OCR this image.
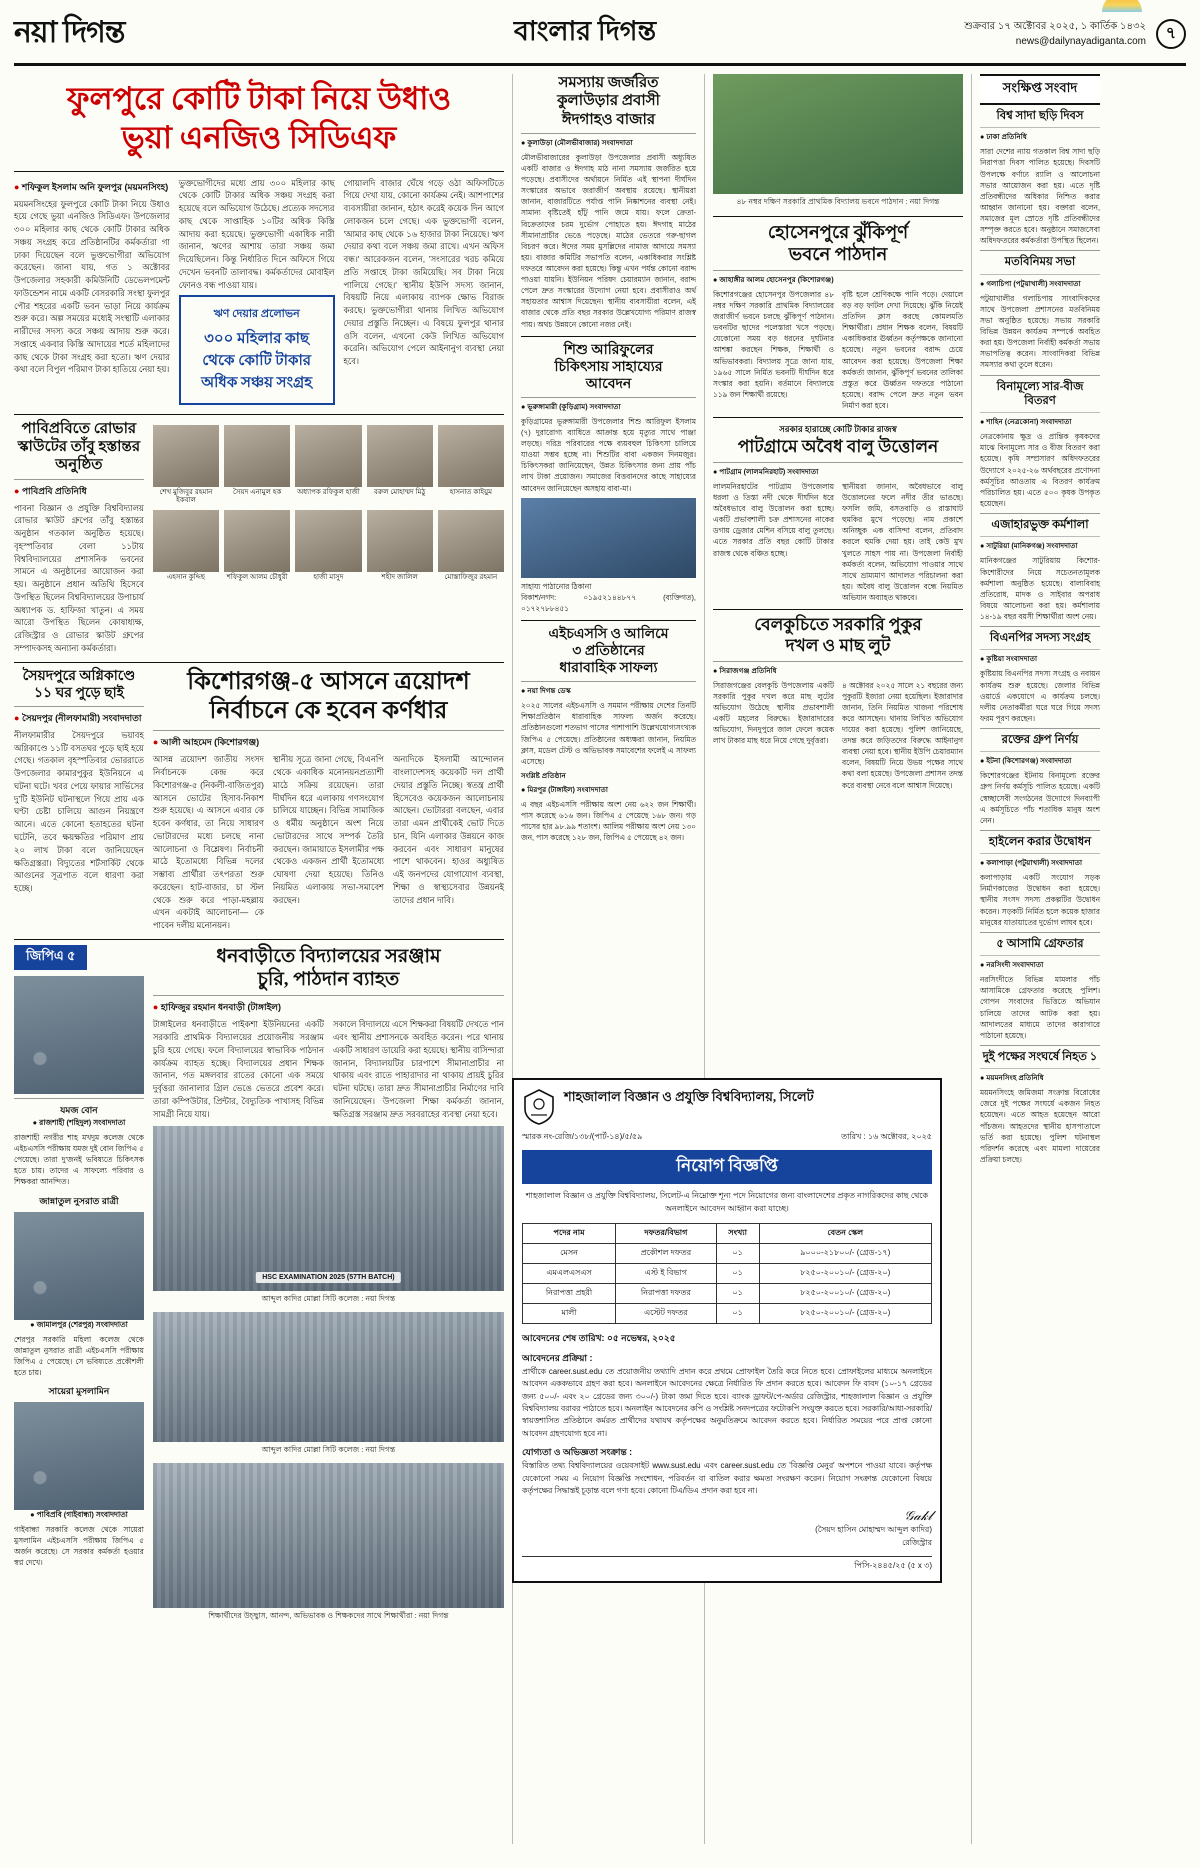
নয়া দিগন্ত	বাংলার দিগন্ত	শুক্রবার ১৭ অক্টোবর ২০২৫, ১ কার্তিক ১৪৩২
news@dailynayadiganta.com	৭
ফুলপুরে কোটি টাকা নিয়ে উধাও
ভুয়া এনজিও সিডিএফ
● শফিকুল ইসলাম অনি ফুলপুর (ময়মনসিংহ)
ময়মনসিংহের ফুলপুরে কোটি টাকা নিয়ে উধাও হয়ে গেছে ভুয়া এনজিও সিডিএফ। উপজেলার ৩০০ মহিলার কাছ থেকে কোটি টাকার অধিক সঞ্চয় সংগ্রহ করে প্রতিষ্ঠানটির কর্মকর্তারা গা ঢাকা দিয়েছেন বলে ভুক্তভোগীরা অভিযোগ করেছেন। জানা যায়, গত ১ অক্টোবর উপজেলার সহকারী কমিউনিটি ডেভেলপমেন্ট ফাউন্ডেশন নামে একটি বেসরকারি সংস্থা ফুলপুর পৌর শহরের একটি ভবন ভাড়া নিয়ে কার্যক্রম শুরু করে। অল্প সময়ের মধ্যেই সংস্থাটি এলাকার নারীদের সদস্য করে সঞ্চয় আদায় শুরু করে। সপ্তাহে একবার কিস্তি আদায়ের শর্তে মহিলাদের কাছ থেকে টাকা সংগ্রহ করা হতো। ঋণ দেয়ার কথা বলে বিপুল পরিমাণ টাকা হাতিয়ে নেয়া হয়।
ভুক্তভোগীদের মধ্যে প্রায় ৩০০ মহিলার কাছ থেকে কোটি টাকার অধিক সঞ্চয় সংগ্রহ করা হয়েছে বলে অভিযোগ উঠেছে। প্রত্যেক সদস্যের কাছ থেকে সাপ্তাহিক ১০টির অধিক কিস্তি আদায় করা হয়েছে। ভুক্তভোগী একাধিক নারী জানান, ঋণের আশায় তারা সঞ্চয় জমা দিয়েছিলেন। কিন্তু নির্ধারিত দিনে অফিসে গিয়ে দেখেন ভবনটি তালাবদ্ধ। কর্মকর্তাদের মোবাইল ফোনও বন্ধ পাওয়া যায়।
ঋণ দেয়ার প্রলোভন
৩০০ মহিলার কাছ থেকে কোটি টাকার অধিক সঞ্চয় সংগ্রহ
গোয়ালদি বাজার ঘেঁষে গড়ে ওঠা অফিসটিতে গিয়ে দেখা যায়, কোনো কার্যক্রম নেই। আশপাশের ব্যবসায়ীরা জানান, হঠাৎ করেই কয়েক দিন আগে লোকজন চলে গেছে। এক ভুক্তভোগী বলেন, 'আমার কাছ থেকে ১৬ হাজার টাকা নিয়েছে। ঋণ দেয়ার কথা বলে সঞ্চয় জমা রাখে। এখন অফিস বন্ধ।' আরেকজন বলেন, 'সংসারের খরচ কমিয়ে প্রতি সপ্তাহে টাকা জমিয়েছি। সব টাকা নিয়ে পালিয়ে গেছে।' স্থানীয় ইউপি সদস্য জানান, বিষয়টি নিয়ে এলাকায় ব্যাপক ক্ষোভ বিরাজ করছে। ভুক্তভোগীরা থানায় লিখিত অভিযোগ দেয়ার প্রস্তুতি নিচ্ছেন। এ বিষয়ে ফুলপুর থানার ওসি বলেন, এখনো কেউ লিখিত অভিযোগ করেনি। অভিযোগ পেলে আইনানুগ ব্যবস্থা নেয়া হবে।
পাবিপ্রবিতে রোভার স্কাউটের তাঁবু হস্তান্তর অনুষ্ঠিত
● পাবিপ্রবি প্রতিনিধি
পাবনা বিজ্ঞান ও প্রযুক্তি বিশ্ববিদ্যালয় রোভার স্কাউট গ্রুপের তাঁবু হস্তান্তর অনুষ্ঠান গতকাল অনুষ্ঠিত হয়েছে। বৃহস্পতিবার বেলা ১১টায় বিশ্ববিদ্যালয়ের প্রশাসনিক ভবনের সামনে এ অনুষ্ঠানের আয়োজন করা হয়। অনুষ্ঠানে প্রধান অতিথি হিসেবে উপস্থিত ছিলেন বিশ্ববিদ্যালয়ের উপাচার্য অধ্যাপক ড. হাফিজা খাতুন। এ সময় আরো উপস্থিত ছিলেন কোষাধ্যক্ষ, রেজিস্ট্রার ও রোভার স্কাউট গ্রুপের সম্পাদকসহ অন্যান্য কর্মকর্তারা।
শেখ মুজিবুর রহমান ইকবাল
সৈয়দ এনামুল হক	অধ্যাপক রফিকুল হাজী	বরুল মোহাম্মদ মিঠু	হাসনাত কাইয়ুম
এহসান কুদ্দিছ	শফিকুল আলম চৌধুরী	হাজী মাসুদ	শহীদ জালিল	মোস্তাফিজুর রহমান
সৈয়দপুরে অগ্নিকাণ্ডে ১১ ঘর পুড়ে ছাই
● সৈয়দপুর (নীলফামারী) সংবাদদাতা
নীলফামারীর সৈয়দপুরে ভয়াবহ অগ্নিকাণ্ডে ১১টি বসতঘর পুড়ে ছাই হয়ে গেছে। গতকাল বৃহস্পতিবার ভোররাতে উপজেলার কামারপুকুর ইউনিয়নে এ ঘটনা ঘটে। খবর পেয়ে ফায়ার সার্ভিসের দু’টি ইউনিট ঘটনাস্থলে গিয়ে প্রায় এক ঘণ্টা চেষ্টা চালিয়ে আগুন নিয়ন্ত্রণে আনে। এতে কোনো হতাহতের ঘটনা ঘটেনি, তবে ক্ষয়ক্ষতির পরিমাণ প্রায় ২০ লাখ টাকা বলে জানিয়েছেন ক্ষতিগ্রস্তরা। বিদ্যুতের শর্টসার্কিট থেকে আগুনের সূত্রপাত বলে ধারণা করা হচ্ছে।
কিশোরগঞ্জ-৫ আসনে ত্রয়োদশ
নির্বাচনে কে হবেন কর্ণধার
● আলী আহমেদ (কিশোরগঞ্জ)
আসন্ন ত্রয়োদশ জাতীয় সংসদ নির্বাচনকে কেন্দ্র করে কিশোরগঞ্জ-৫ (নিকলী-বাজিতপুর) আসনে ভোটের হিসাব-নিকাশ শুরু হয়েছে। এ আসনে এবার কে হবেন কর্ণধার, তা নিয়ে সাধারণ ভোটারদের মধ্যে চলছে নানা আলোচনা ও বিশ্লেষণ। নির্বাচনী মাঠে ইতোমধ্যে বিভিন্ন দলের সম্ভাব্য প্রার্থীরা তৎপরতা শুরু করেছেন। হাট-বাজার, চা স্টল থেকে শুরু করে পাড়া-মহল্লায় এখন একটাই আলোচনা— কে পাবেন দলীয় মনোনয়ন।
স্থানীয় সূত্রে জানা গেছে, বিএনপি থেকে একাধিক মনোনয়নপ্রত্যাশী মাঠে সক্রিয় রয়েছেন। তারা দীর্ঘদিন ধরে এলাকায় গণসংযোগ চালিয়ে যাচ্ছেন। বিভিন্ন সামাজিক ও ধর্মীয় অনুষ্ঠানে অংশ নিয়ে ভোটারদের সাথে সম্পর্ক তৈরি করছেন। জামায়াতে ইসলামীর পক্ষ থেকেও একজন প্রার্থী ইতোমধ্যে ঘোষণা দেয়া হয়েছে। তিনিও নিয়মিত এলাকায় সভা-সমাবেশ করছেন।
অন্যদিকে ইসলামী আন্দোলন বাংলাদেশসহ কয়েকটি দল প্রার্থী দেয়ার প্রস্তুতি নিচ্ছে। স্বতন্ত্র প্রার্থী হিসেবেও কয়েকজন আলোচনায় আছেন। ভোটাররা বলছেন, এবার তারা এমন প্রার্থীকেই ভোট দিতে চান, যিনি এলাকার উন্নয়নে কাজ করবেন এবং সাধারণ মানুষের পাশে থাকবেন। হাওর অধ্যুষিত এই জনপদের যোগাযোগ ব্যবস্থা, শিক্ষা ও স্বাস্থ্যসেবার উন্নয়নই তাদের প্রধান দাবি।
জিপিএ ৫
যমজ বোন
● রাজশাহী (শহিদুল) সংবাদদাতা
রাজশাহী নগরীর শাহ মখদুম কলেজ থেকে এইচএসসি পরীক্ষায় যমজ দুই বোন জিপিএ ৫ পেয়েছে। তারা দু’জনই ভবিষ্যতে চিকিৎসক হতে চায়। তাদের এ সাফল্যে পরিবার ও শিক্ষকরা আনন্দিত।
জান্নাতুল নুসরাত রাত্রী
● জামালপুর (শেরপুর) সংবাদদাতা
শেরপুর সরকারি মহিলা কলেজ থেকে জান্নাতুল নুসরাত রাত্রী এইচএসসি পরীক্ষায় জিপিএ ৫ পেয়েছে। সে ভবিষ্যতে প্রকৌশলী হতে চায়।
সায়েরা মুসলামিন
● পাবিপ্রবি (গাইবান্ধা) সংবাদদাতা
গাইবান্ধা সরকারি কলেজ থেকে সায়েরা মুসলামিন এইচএসসি পরীক্ষায় জিপিএ ৫ অর্জন করেছে। সে সরকার কর্মকর্তা হওয়ার স্বপ্ন দেখে।
ধনবাড়ীতে বিদ্যালয়ের সরঞ্জাম
চুরি, পাঠদান ব্যাহত
● হাফিজুর রহমান ধনবাড়ী (টাঙ্গাইল)
টাঙ্গাইলের ধনবাড়ীতে পাইকশা ইউনিয়নের একটি সরকারি প্রাথমিক বিদ্যালয়ের প্রয়োজনীয় সরঞ্জাম চুরি হয়ে গেছে। ফলে বিদ্যালয়ের স্বাভাবিক পাঠদান কার্যক্রম ব্যাহত হচ্ছে। বিদ্যালয়ের প্রধান শিক্ষক জানান, গত মঙ্গলবার রাতের কোনো এক সময়ে দুর্বৃত্তরা জানালার গ্রিল ভেঙে ভেতরে প্রবেশ করে। তারা কম্পিউটার, প্রিন্টার, বৈদ্যুতিক পাখাসহ বিভিন্ন সামগ্রী নিয়ে যায়।
সকালে বিদ্যালয়ে এসে শিক্ষকরা বিষয়টি দেখতে পান এবং স্থানীয় প্রশাসনকে অবহিত করেন। পরে থানায় একটি সাধারণ ডায়েরি করা হয়েছে। স্থানীয় বাসিন্দারা জানান, বিদ্যালয়টির চারপাশে সীমানাপ্রাচীর না থাকায় এবং রাতে পাহারাদার না থাকায় প্রায়ই চুরির ঘটনা ঘটছে। তারা দ্রুত সীমানাপ্রাচীর নির্মাণের দাবি জানিয়েছেন। উপজেলা শিক্ষা কর্মকর্তা জানান, ক্ষতিগ্রস্ত সরঞ্জাম দ্রুত সরবরাহের ব্যবস্থা নেয়া হবে।
HSC EXAMINATION 2025 (57TH BATCH)
আব্দুল কাদির মোল্লা সিটি কলেজ : নয়া দিগন্ত
আব্দুল কাদির মোল্লা সিটি কলেজ : নয়া দিগন্ত
শিক্ষার্থীদের উচ্ছ্বাস, আনন্দ, অভিভাবক ও শিক্ষকদের সাথে শিক্ষার্থীরা : নয়া দিগন্ত
সমস্যায় জর্জরিত
কুলাউড়ার প্রবাসী
ঈদগাহও বাজার
● কুলাউড়া (মৌলভীবাজার) সংবাদদাতা
মৌলভীবাজারের কুলাউড়া উপজেলার প্রবাসী অধ্যুষিত একটি বাজার ও ঈদগাহ মাঠ নানা সমস্যায় জর্জরিত হয়ে পড়েছে। প্রবাসীদের অর্থায়নে নির্মিত এই স্থাপনা দীর্ঘদিন সংস্কারের অভাবে জরাজীর্ণ অবস্থায় রয়েছে। স্থানীয়রা জানান, বাজারটিতে পর্যাপ্ত পানি নিষ্কাশনের ব্যবস্থা নেই। সামান্য বৃষ্টিতেই হাঁটু পানি জমে যায়। ফলে ক্রেতা-বিক্রেতাদের চরম দুর্ভোগ পোহাতে হয়। ঈদগাহ মাঠের সীমানাপ্রাচীর ভেঙে পড়েছে। মাঠের ভেতরে গরু-ছাগল বিচরণ করে। ঈদের সময় মুসল্লিদের নামাজ আদায়ে সমস্যা হয়। বাজার কমিটির সভাপতি বলেন, একাধিকবার সংশ্লিষ্ট দফতরে আবেদন করা হয়েছে। কিন্তু এখন পর্যন্ত কোনো বরাদ্দ পাওয়া যায়নি। ইউনিয়ন পরিষদ চেয়ারম্যান জানান, বরাদ্দ পেলে দ্রুত সংস্কারের উদ্যোগ নেয়া হবে। প্রবাসীরাও অর্থ সহায়তার আশ্বাস দিয়েছেন। স্থানীয় ব্যবসায়ীরা বলেন, এই বাজার থেকে প্রতি বছর সরকার উল্লেখযোগ্য পরিমাণ রাজস্ব পায়। অথচ উন্নয়নে কোনো নজর নেই।
শিশু আরিফুলের
চিকিৎসায় সাহায্যের
আবেদন
● ভূরুঙ্গামারী (কুড়িগ্রাম) সংবাদদাতা
কুড়িগ্রামের ভূরুঙ্গামারী উপজেলার শিশু আরিফুল ইসলাম (৭) দুরারোগ্য ব্যাধিতে আক্রান্ত হয়ে মৃত্যুর সাথে পাঞ্জা লড়ছে। দরিদ্র পরিবারের পক্ষে ব্যয়বহুল চিকিৎসা চালিয়ে যাওয়া সম্ভব হচ্ছে না। শিশুটির বাবা একজন দিনমজুর। চিকিৎসকরা জানিয়েছেন, উন্নত চিকিৎসার জন্য প্রায় পাঁচ লাখ টাকা প্রয়োজন। সমাজের বিত্তবানদের কাছে সাহায্যের আবেদন জানিয়েছেন অসহায় বাবা-মা।
সাহায্য পাঠানোর ঠিকানা
বিকাশ/নগদ: ০১৯৫২১৪৪৮৭৭ (ব্যক্তিগত), ০১৭২৭৮৮৪৫১
এইচএসসি ও আলিমে
৩ প্রতিষ্ঠানের
ধারাবাহিক সাফল্য
● নয়া দিগন্ত ডেস্ক
২০২৫ সালের এইচএসসি ও সমমান পরীক্ষায় দেশের তিনটি শিক্ষাপ্রতিষ্ঠান ধারাবাহিক সাফল্য অর্জন করেছে। প্রতিষ্ঠানগুলো শতভাগ পাসের পাশাপাশি উল্লেখযোগ্যসংখ্যক জিপিএ ৫ পেয়েছে। প্রতিষ্ঠানের অধ্যক্ষরা জানান, নিয়মিত ক্লাস, মডেল টেস্ট ও অভিভাবক সমাবেশের ফলেই এ সাফল্য এসেছে।
সংশ্লিষ্ট প্রতিষ্ঠান
● মিরপুর (টাঙ্গাইল) সংবাদদাতা
এ বছর এইচএসসি পরীক্ষায় অংশ নেয় ৬২২ জন শিক্ষার্থী। পাস করেছে ৬১৬ জন। জিপিএ ৫ পেয়েছে ১৬৮ জন। গড় পাসের হার ৯৮.৯৯ শতাংশ। আলিম পরীক্ষায় অংশ নেয় ১৩০ জন, পাস করেছে ১২৮ জন, জিপিএ ৫ পেয়েছে ৪২ জন।
৪৮ নম্বর দক্ষিণ সরকারি প্রাথমিক বিদ্যালয় ভবনে পাঠদান : নয়া দিগন্ত
হোসেনপুরে ঝুঁকিপূর্ণ
ভবনে পাঠদান
● জাহাঙ্গীর আলম হোসেনপুর (কিশোরগঞ্জ)
কিশোরগঞ্জের হোসেনপুর উপজেলার ৪৮ নম্বর দক্ষিণ সরকারি প্রাথমিক বিদ্যালয়ের জরাজীর্ণ ভবনে চলছে ঝুঁকিপূর্ণ পাঠদান। ভবনটির ছাদের পলেস্তারা খসে পড়ছে। যেকোনো সময় বড় ধরনের দুর্ঘটনার আশঙ্কা করছেন শিক্ষক, শিক্ষার্থী ও অভিভাবকরা। বিদ্যালয় সূত্রে জানা যায়, ১৯৬৫ সালে নির্মিত ভবনটি দীর্ঘদিন ধরে সংস্কার করা হয়নি। বর্তমানে বিদ্যালয়ে ১১৯ জন শিক্ষার্থী রয়েছে।
বৃষ্টি হলে শ্রেণিকক্ষে পানি পড়ে। দেয়ালে বড় বড় ফাটল দেখা দিয়েছে। ঝুঁকি নিয়েই প্রতিদিন ক্লাস করছে কোমলমতি শিক্ষার্থীরা। প্রধান শিক্ষক বলেন, বিষয়টি একাধিকবার ঊর্ধ্বতন কর্তৃপক্ষকে জানানো হয়েছে। নতুন ভবনের বরাদ্দ চেয়ে আবেদন করা হয়েছে। উপজেলা শিক্ষা কর্মকর্তা জানান, ঝুঁকিপূর্ণ ভবনের তালিকা প্রস্তুত করে ঊর্ধ্বতন দফতরে পাঠানো হয়েছে। বরাদ্দ পেলে দ্রুত নতুন ভবন নির্মাণ করা হবে।
সরকার হারাচ্ছে কোটি টাকার রাজস্ব
পাটগ্রামে অবৈধ বালু উত্তোলন
● পাটগ্রাম (লালমনিরহাট) সংবাদদাতা
লালমনিরহাটের পাটগ্রাম উপজেলায় ধরলা ও তিস্তা নদী থেকে দীর্ঘদিন ধরে অবৈধভাবে বালু উত্তোলন করা হচ্ছে। একটি প্রভাবশালী চক্র প্রশাসনের নাকের ডগায় ড্রেজার মেশিন বসিয়ে বালু তুলছে। এতে সরকার প্রতি বছর কোটি টাকার রাজস্ব থেকে বঞ্চিত হচ্ছে।
স্থানীয়রা জানান, অবৈধভাবে বালু উত্তোলনের ফলে নদীর তীর ভাঙছে। ফসলি জমি, বসতবাড়ি ও রাস্তাঘাট হুমকির মুখে পড়েছে। নাম প্রকাশে অনিচ্ছুক এক বাসিন্দা বলেন, প্রতিবাদ করলে হুমকি দেয়া হয়। তাই কেউ মুখ খুলতে সাহস পায় না। উপজেলা নির্বাহী কর্মকর্তা বলেন, অভিযোগ পাওয়ার সাথে সাথে ভ্রাম্যমাণ আদালত পরিচালনা করা হয়। অবৈধ বালু উত্তোলন বন্ধে নিয়মিত অভিযান অব্যাহত থাকবে।
বেলকুচিতে সরকারি পুকুর
দখল ও মাছ লুট
● সিরাজগঞ্জ প্রতিনিধি
সিরাজগঞ্জের বেলকুচি উপজেলায় একটি সরকারি পুকুর দখল করে মাছ লুটের অভিযোগ উঠেছে স্থানীয় প্রভাবশালী একটি মহলের বিরুদ্ধে। ইজারাদারের অভিযোগ, দিনদুপুরে জাল ফেলে কয়েক লাখ টাকার মাছ ধরে নিয়ে গেছে দুর্বৃত্তরা।
৪ অক্টোবর ২০২৫ সালে ২১ বছরের জন্য পুকুরটি ইজারা নেয়া হয়েছিল। ইজারাদার জানান, তিনি নিয়মিত খাজনা পরিশোধ করে আসছেন। থানায় লিখিত অভিযোগ দায়ের করা হয়েছে। পুলিশ জানিয়েছে, তদন্ত করে জড়িতদের বিরুদ্ধে আইনানুগ ব্যবস্থা নেয়া হবে। স্থানীয় ইউপি চেয়ারম্যান বলেন, বিষয়টি নিয়ে উভয় পক্ষের সাথে কথা বলা হয়েছে। উপজেলা প্রশাসন তদন্ত করে ব্যবস্থা নেবে বলে আশ্বাস দিয়েছে।
সংক্ষিপ্ত সংবাদ
বিশ্ব সাদা ছড়ি দিবস
● ঢাকা প্রতিনিধি
সারা দেশের ন্যায় গতকাল বিশ্ব সাদা ছড়ি নিরাপত্তা দিবস পালিত হয়েছে। দিবসটি উপলক্ষে বর্ণাঢ্য র‍্যালি ও আলোচনা সভার আয়োজন করা হয়। এতে দৃষ্টি প্রতিবন্ধীদের অধিকার নিশ্চিত করার আহ্বান জানানো হয়। বক্তারা বলেন, সমাজের মূল স্রোতে দৃষ্টি প্রতিবন্ধীদের সম্পৃক্ত করতে হবে। অনুষ্ঠানে সমাজসেবা অধিদফতরের কর্মকর্তারা উপস্থিত ছিলেন।
মতবিনিময় সভা
● গলাচিপা (পটুয়াখালী) সংবাদদাতা
পটুয়াখালীর গলাচিপায় সাংবাদিকদের সাথে উপজেলা প্রশাসনের মতবিনিময় সভা অনুষ্ঠিত হয়েছে। সভায় সরকারি বিভিন্ন উন্নয়ন কার্যক্রম সম্পর্কে অবহিত করা হয়। উপজেলা নির্বাহী কর্মকর্তা সভায় সভাপতিত্ব করেন। সাংবাদিকরা বিভিন্ন সমস্যার কথা তুলে ধরেন।
বিনামূল্যে সার-বীজ বিতরণ
● শাহিন (নেত্রকোনা) সংবাদদাতা
নেত্রকোনায় ক্ষুদ্র ও প্রান্তিক কৃষকদের মাঝে বিনামূল্যে সার ও বীজ বিতরণ করা হয়েছে। কৃষি সম্প্রসারণ অধিদফতরের উদ্যোগে ২০২৫-২৬ অর্থবছরের প্রণোদনা কর্মসূচির আওতায় এ বিতরণ কার্যক্রম পরিচালিত হয়। এতে ৫০০ কৃষক উপকৃত হয়েছেন।
এজাহারভুক্ত কর্মশালা
● সাটুরিয়া (মানিকগঞ্জ) সংবাদদাতা
মানিকগঞ্জের সাটুরিয়ায় কিশোর-কিশোরীদের নিয়ে সচেতনতামূলক কর্মশালা অনুষ্ঠিত হয়েছে। বাল্যবিবাহ প্রতিরোধ, মাদক ও সাইবার অপরাধ বিষয়ে আলোচনা করা হয়। কর্মশালায় ১৪-১৯ বছর বয়সী শিক্ষার্থীরা অংশ নেয়।
বিএনপির সদস্য সংগ্রহ
● কুষ্টিয়া সংবাদদাতা
কুষ্টিয়ায় বিএনপির সদস্য সংগ্রহ ও নবায়ন কার্যক্রম শুরু হয়েছে। জেলার বিভিন্ন ওয়ার্ডে একযোগে এ কার্যক্রম চলছে। দলীয় নেতাকর্মীরা ঘরে ঘরে গিয়ে সদস্য ফরম পূরণ করছেন।
রক্তের গ্রুপ নির্ণয়
● ইটনা (কিশোরগঞ্জ) সংবাদদাতা
কিশোরগঞ্জের ইটনায় বিনামূল্যে রক্তের গ্রুপ নির্ণয় কর্মসূচি পালিত হয়েছে। একটি স্বেচ্ছাসেবী সংগঠনের উদ্যোগে দিনব্যাপী এ কর্মসূচিতে পাঁচ শতাধিক মানুষ অংশ নেন।
হাইলেন করার উদ্বোধন
● কলাপাড়া (পটুয়াখালী) সংবাদদাতা
কলাপাড়ায় একটি সংযোগ সড়ক নির্মাণকাজের উদ্বোধন করা হয়েছে। স্থানীয় সংসদ সদস্য প্রকল্পটির উদ্বোধন করেন। সড়কটি নির্মিত হলে কয়েক হাজার মানুষের যাতায়াতের দুর্ভোগ লাঘব হবে।
৫ আসামি গ্রেফতার
● নরসিংদী সংবাদদাতা
নরসিংদীতে বিভিন্ন মামলার পাঁচ আসামিকে গ্রেফতার করেছে পুলিশ। গোপন সংবাদের ভিত্তিতে অভিযান চালিয়ে তাদের আটক করা হয়। আদালতের মাধ্যমে তাদের কারাগারে পাঠানো হয়েছে।
দুই পক্ষের সংঘর্ষে নিহত ১
● ময়মনসিংহ প্রতিনিধি
ময়মনসিংহে জমিজমা সংক্রান্ত বিরোধের জেরে দুই পক্ষের সংঘর্ষে একজন নিহত হয়েছেন। এতে আহত হয়েছেন আরো পাঁচজন। আহতদের স্থানীয় হাসপাতালে ভর্তি করা হয়েছে। পুলিশ ঘটনাস্থল পরিদর্শন করেছে এবং মামলা দায়েরের প্রক্রিয়া চলছে।
শাহজালাল বিজ্ঞান ও প্রযুক্তি বিশ্ববিদ্যালয়, সিলেট
স্মারক নং-রেজি/১৩৮/(পার্ট-১৪)/৫/৫৯	তারিখ : ১৬ অক্টোবর, ২০২৫
নিয়োগ বিজ্ঞপ্তি
শাহজালাল বিজ্ঞান ও প্রযুক্তি বিশ্ববিদ্যালয়, সিলেট-এ নিম্নোক্ত শূন্য পদে নিয়োগের জন্য বাংলাদেশের প্রকৃত নাগরিকদের কাছ থেকে অনলাইনে আবেদন আহ্বান করা যাচ্ছে।
পদের নাম	দফতর/বিভাগ	সংখ্যা	বেতন স্কেল
মেসন	প্রকৌশল দফতর	০১	৯০০০-২১৮০০/- (গ্রেড-১৭)
এমএলএসএস	এস্ট ই বিভাগ	০১	৮২৫০-২০০১০/- (গ্রেড-২০)
নিরাপত্তা প্রহরী	নিরাপত্তা দফতর	০১	৮২৫০-২০০১০/- (গ্রেড-২০)
মালী	এস্টেট দফতর	০১	৮২৫০-২০০১০/- (গ্রেড-২০)
আবেদনের শেষ তারিখ: ০৫ নভেম্বর, ২০২৫
আবেদনের প্রক্রিয়া :
প্রার্থীকে career.sust.edu তে প্রয়োজনীয় তথ্যাদি প্রদান করে প্রথমে প্রোফাইল তৈরি করে নিতে হবে। প্রোফাইলের মাধ্যমে অনলাইনে আবেদন এককভাবে গ্রহণ করা হবে। অনলাইনে আবেদনের ক্ষেত্রে নির্ধারিত ফি প্রদান করতে হবে। আবেদন ফি বাবদ (১০-১৭ গ্রেডের জন্য ৫০০/- এবং ২০ গ্রেডের জন্য ৩০০/-) টাকা জমা দিতে হবে। ব্যাংক ড্রাফট/পে-অর্ডার রেজিস্ট্রার, শাহজালাল বিজ্ঞান ও প্রযুক্তি বিশ্ববিদ্যালয় বরাবর পাঠাতে হবে। অনলাইন আবেদনের কপি ও সংশ্লিষ্ট সনদপত্রের ফটোকপি সংযুক্ত করতে হবে। সরকারি/আধা-সরকারি/স্বায়ত্তশাসিত প্রতিষ্ঠানে কর্মরত প্রার্থীদের যথাযথ কর্তৃপক্ষের অনুমতিক্রমে আবেদন করতে হবে। নির্ধারিত সময়ের পরে প্রাপ্ত কোনো আবেদন গ্রহণযোগ্য হবে না।
যোগ্যতা ও অভিজ্ঞতা সংক্রান্ত :
বিস্তারিত তথ্য বিশ্ববিদ্যালয়ের ওয়েবসাইট www.sust.edu এবং career.sust.edu তে 'বিজ্ঞপ্তি মেনুর' অপশনে পাওয়া যাবে। কর্তৃপক্ষ যেকোনো সময় এ নিয়োগ বিজ্ঞপ্তি সংশোধন, পরিবর্তন বা বাতিল করার ক্ষমতা সংরক্ষণ করেন। নিয়োগ সংক্রান্ত যেকোনো বিষয়ে কর্তৃপক্ষের সিদ্ধান্তই চূড়ান্ত বলে গণ্য হবে। কোনো টিএ/ডিএ প্রদান করা হবে না।
𝒢𝒶𝓀𝓁
(সৈয়দ হাসিন মোহাম্মদ আব্দুল কাদির)
রেজিস্ট্রার
পিসি-২৪৪৫/২৫ (৫ x ৩)
